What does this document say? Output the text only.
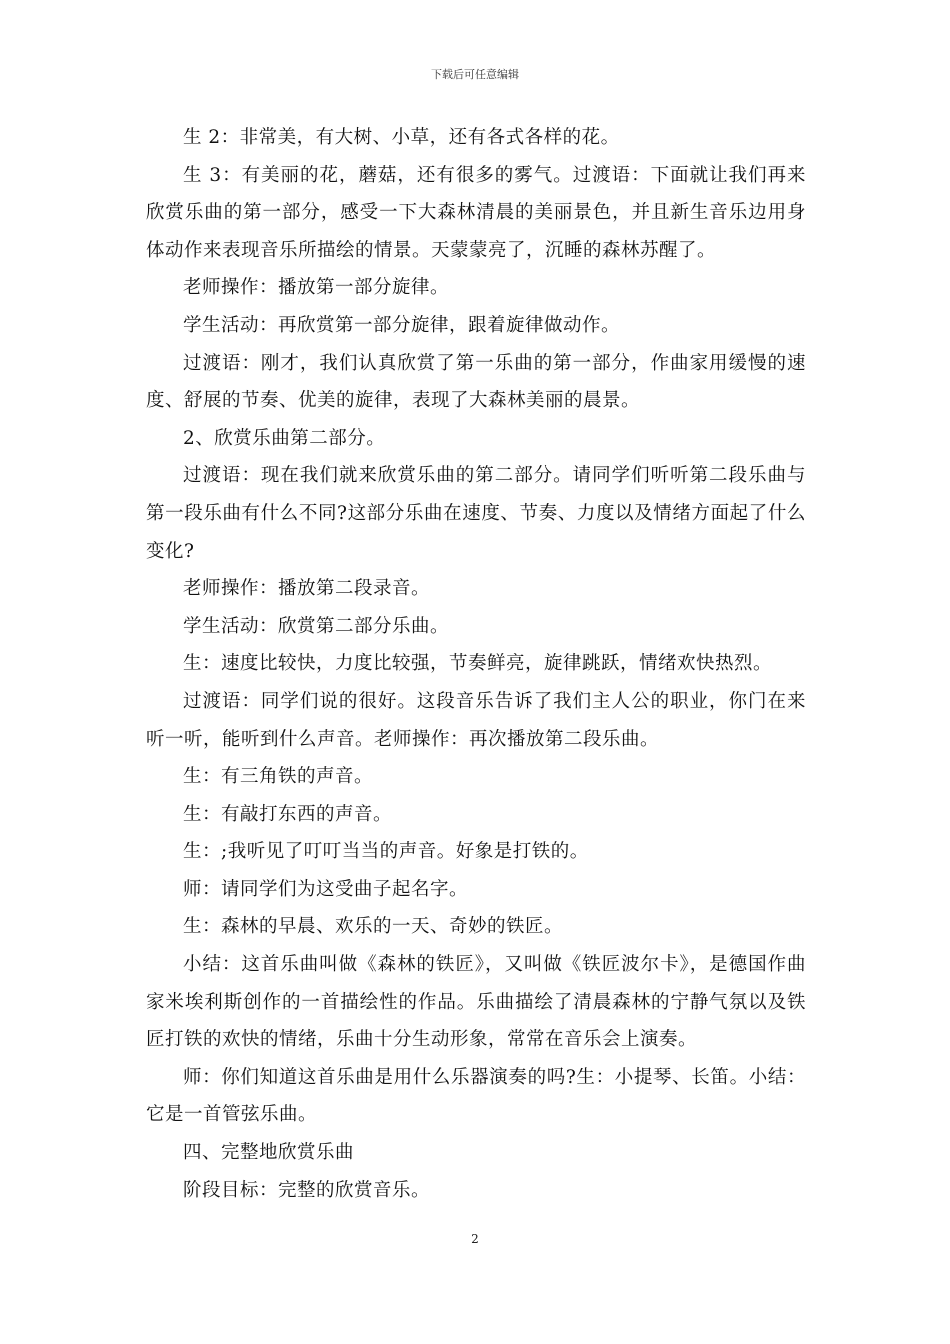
下载后可任意编辑

生 2：非常美，有大树、小草，还有各式各样的花。

生 3：有美丽的花，蘑菇，还有很多的雾气。过渡语：下面就让我们再来欣赏乐曲的第一部分，感受一下大森林清晨的美丽景色，并且新生音乐边用身体动作来表现音乐所描绘的情景。天蒙蒙亮了，沉睡的森林苏醒了。

老师操作：播放第一部分旋律。

学生活动：再欣赏第一部分旋律，跟着旋律做动作。

过渡语：刚才，我们认真欣赏了第一乐曲的第一部分，作曲家用缓慢的速度、舒展的节奏、优美的旋律，表现了大森林美丽的晨景。

2、欣赏乐曲第二部分。

过渡语：现在我们就来欣赏乐曲的第二部分。请同学们听听第二段乐曲与第一段乐曲有什么不同?这部分乐曲在速度、节奏、力度以及情绪方面起了什么变化?

老师操作：播放第二段录音。

学生活动：欣赏第二部分乐曲。

生：速度比较快，力度比较强，节奏鲜亮，旋律跳跃，情绪欢快热烈。

过渡语：同学们说的很好。这段音乐告诉了我们主人公的职业，你门在来听一听，能听到什么声音。老师操作：再次播放第二段乐曲。

生：有三角铁的声音。

生：有敲打东西的声音。

生：;我听见了叮叮当当的声音。好象是打铁的。

师：请同学们为这受曲子起名字。

生：森林的早晨、欢乐的一天、奇妙的铁匠。

小结：这首乐曲叫做《森林的铁匠》，又叫做《铁匠波尔卡》，是德国作曲家米埃利斯创作的一首描绘性的作品。乐曲描绘了清晨森林的宁静气氛以及铁匠打铁的欢快的情绪，乐曲十分生动形象，常常在音乐会上演奏。

师：你们知道这首乐曲是用什么乐器演奏的吗?生：小提琴、长笛。小结：它是一首管弦乐曲。

四、完整地欣赏乐曲

阶段目标：完整的欣赏音乐。

2
